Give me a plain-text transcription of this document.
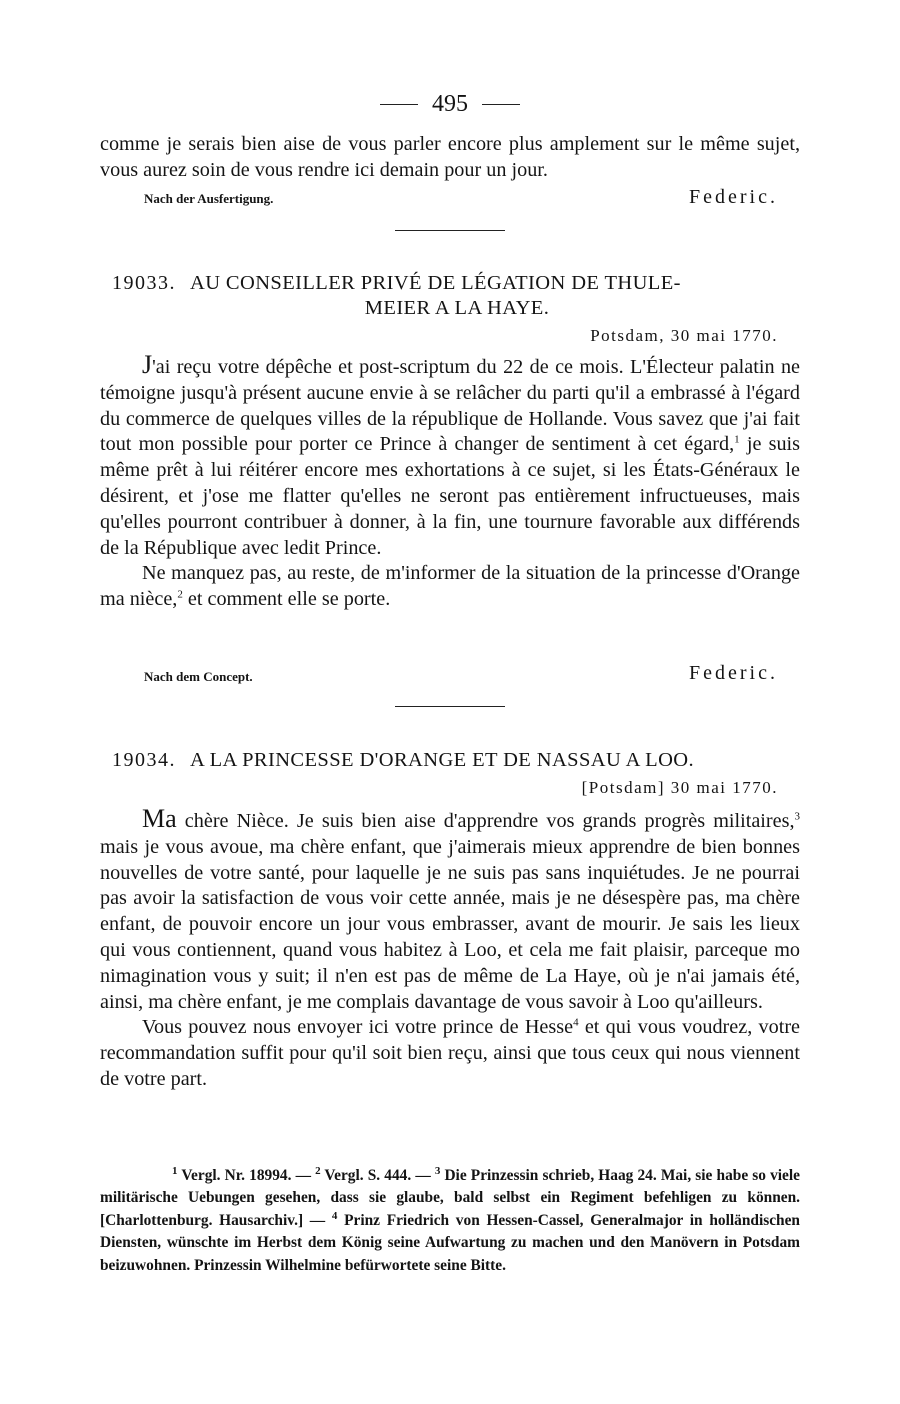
495

comme je serais bien aise de vous parler encore plus amplement sur le même sujet, vous aurez soin de vous rendre ici demain pour un jour.

Nach der Ausfertigung.	Federic.
19033. AU CONSEILLER PRIVÉ DE LÉGATION DE THULE-
MEIER A LA HAYE.
Potsdam, 30 mai 1770.

J'ai reçu votre dépêche et post-scriptum du 22 de ce mois. L'Électeur palatin ne témoigne jusqu'à présent aucune envie à se relâcher du parti qu'il a embrassé à l'égard du commerce de quelques villes de la république de Hollande. Vous savez que j'ai fait tout mon possible pour porter ce Prince à changer de sentiment à cet égard,$^1$ je suis même prêt à lui réitérer encore mes exhortations à ce sujet, si les États-Généraux le désirent, et j'ose me flatter qu'elles ne seront pas entièrement infructueuses, mais qu'elles pourront contribuer à donner, à la fin, une tournure favorable aux différends de la République avec ledit Prince.

Ne manquez pas, au reste, de m'informer de la situation de la princesse d'Orange ma nièce,$^2$ et comment elle se porte.

Nach dem Concept.	Federic.
19034. A LA PRINCESSE D'ORANGE ET DE NASSAU A LOO.
[Potsdam] 30 mai 1770.

Ma chère Nièce. Je suis bien aise d'apprendre vos grands progrès militaires,$^3$ mais je vous avoue, ma chère enfant, que j'aimerais mieux apprendre de bien bonnes nouvelles de votre santé, pour laquelle je ne suis pas sans inquiétudes. Je ne pourrai pas avoir la satisfaction de vous voir cette année, mais je ne désespère pas, ma chère enfant, de pouvoir encore un jour vous embrasser, avant de mourir. Je sais les lieux qui vous contiennent, quand vous habitez à Loo, et cela me fait plaisir, parceque mo nimagination vous y suit; il n'en est pas de même de La Haye, où je n'ai jamais été, ainsi, ma chère enfant, je me complais davantage de vous savoir à Loo qu'ailleurs.

Vous pouvez nous envoyer ici votre prince de Hesse$^4$ et qui vous voudrez, votre recommandation suffit pour qu'il soit bien reçu, ainsi que tous ceux qui nous viennent de votre part.

$^1$ Vergl. Nr. 18994. — $^2$ Vergl. S. 444. — $^3$ Die Prinzessin schrieb, Haag 24. Mai, sie habe so viele militärische Uebungen gesehen, dass sie glaube, bald selbst ein Regiment befehligen zu können. [Charlottenburg. Hausarchiv.] — $^4$ Prinz Friedrich von Hessen-Cassel, Generalmajor in holländischen Diensten, wünschte im Herbst dem König seine Aufwartung zu machen und den Manövern in Potsdam beizuwohnen. Prinzessin Wilhelmine befürwortete seine Bitte.
